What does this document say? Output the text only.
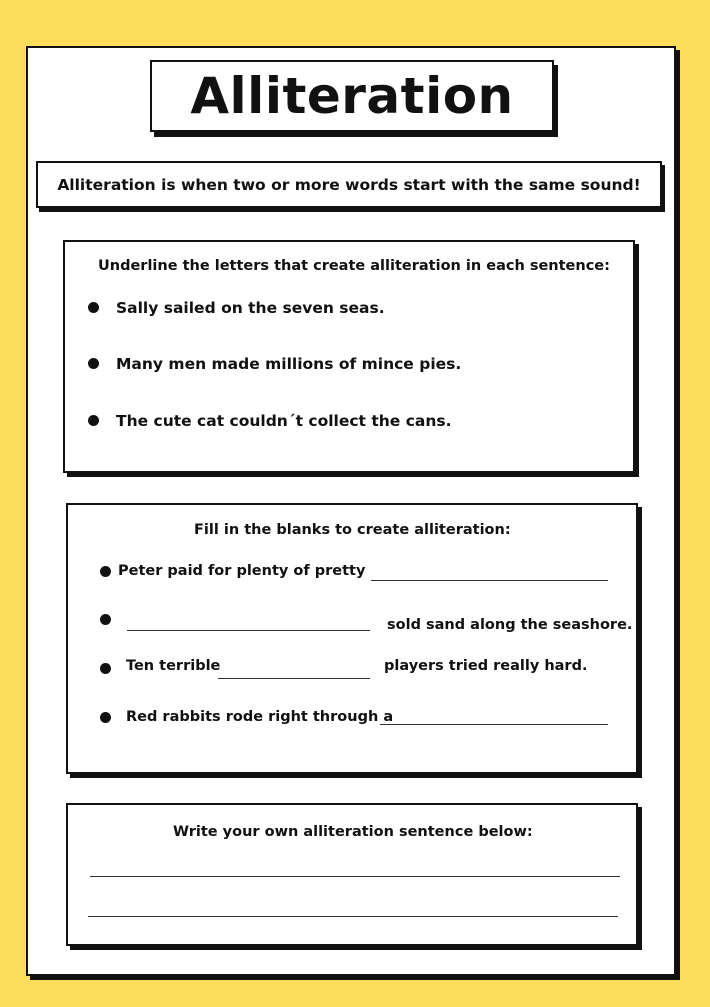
Alliteration
Alliteration is when two or more words start with the same sound!
Underline the letters that create alliteration in each sentence:
Sally sailed on the seven seas.
Many men made millions of mince pies.
The cute cat couldn´t collect the cans.
Fill in the blanks to create alliteration:
Peter paid for plenty of pretty
sold sand along the seashore.
Ten terrible	players tried really hard.
Red rabbits rode right through a
Write your own alliteration sentence below:
